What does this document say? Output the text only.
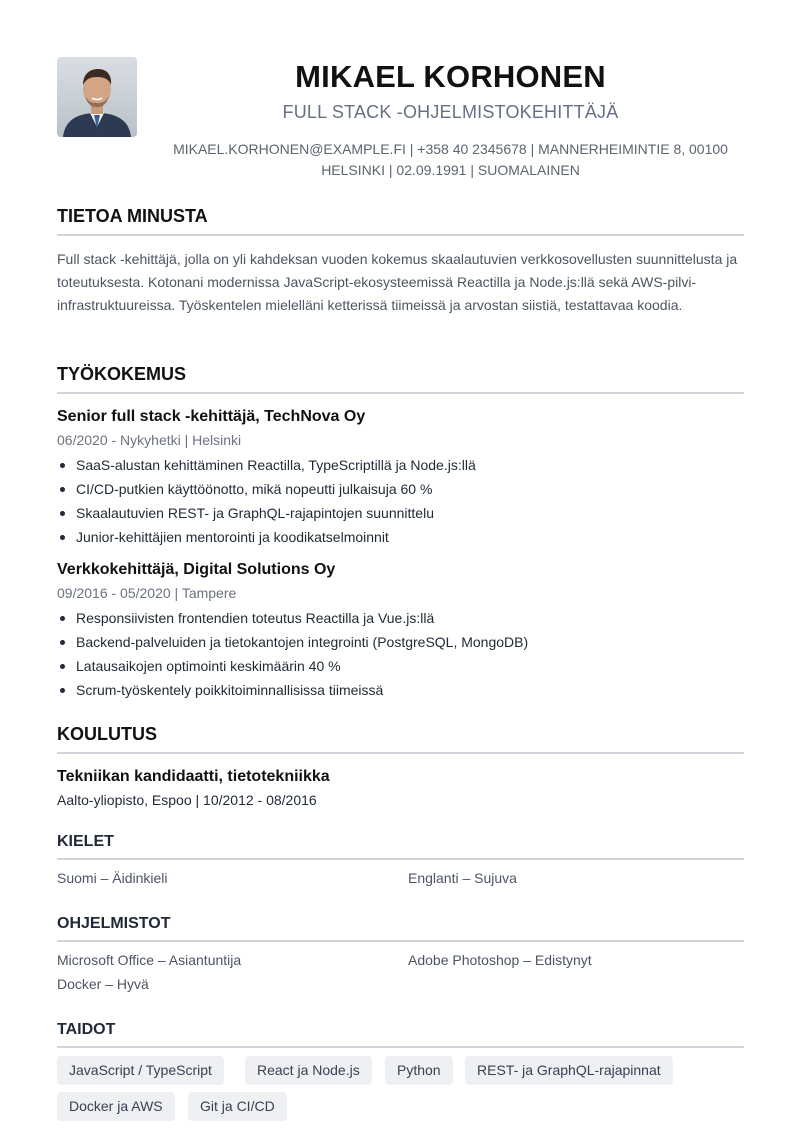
MIKAEL KORHONEN
FULL STACK -OHJELMISTOKEHITTÄJÄ
MIKAEL.KORHONEN@EXAMPLE.FI | +358 40 2345678 | MANNERHEIMINTIE 8, 00100
HELSINKI | 02.09.1991 | SUOMALAINEN
TIETOA MINUSTA
Full stack -kehittäjä, jolla on yli kahdeksan vuoden kokemus skaalautuvien verkkosovellusten suunnittelusta ja toteutuksesta. Kotonani modernissa JavaScript-ekosysteemissä Reactilla ja Node.js:llä sekä AWS-pilvi-infrastruktuureissa. Työskentelen mielelläni ketterissä tiimeissä ja arvostan siistiä, testattavaa koodia.
TYÖKOKEMUS
Senior full stack -kehittäjä, TechNova Oy
06/2020 - Nykyhetki | Helsinki
SaaS-alustan kehittäminen Reactilla, TypeScriptillä ja Node.js:llä
CI/CD-putkien käyttöönotto, mikä nopeutti julkaisuja 60 %
Skaalautuvien REST- ja GraphQL-rajapintojen suunnittelu
Junior-kehittäjien mentorointi ja koodikatselmoinnit
Verkkokehittäjä, Digital Solutions Oy
09/2016 - 05/2020 | Tampere
Responsiivisten frontendien toteutus Reactilla ja Vue.js:llä
Backend-palveluiden ja tietokantojen integrointi (PostgreSQL, MongoDB)
Latausaikojen optimointi keskimäärin 40 %
Scrum-työskentely poikkitoiminnallisissa tiimeissä
KOULUTUS
Tekniikan kandidaatti, tietotekniikka
Aalto-yliopisto, Espoo | 10/2012 - 08/2016
KIELET
Suomi – Äidinkieli	Englanti – Sujuva
OHJELMISTOT
Microsoft Office – Asiantuntija	Adobe Photoshop – Edistynyt
Docker – Hyvä
TAIDOT
JavaScript / TypeScript	React ja Node.js	Python	REST- ja GraphQL-rajapinnat
Docker ja AWS	Git ja CI/CD
